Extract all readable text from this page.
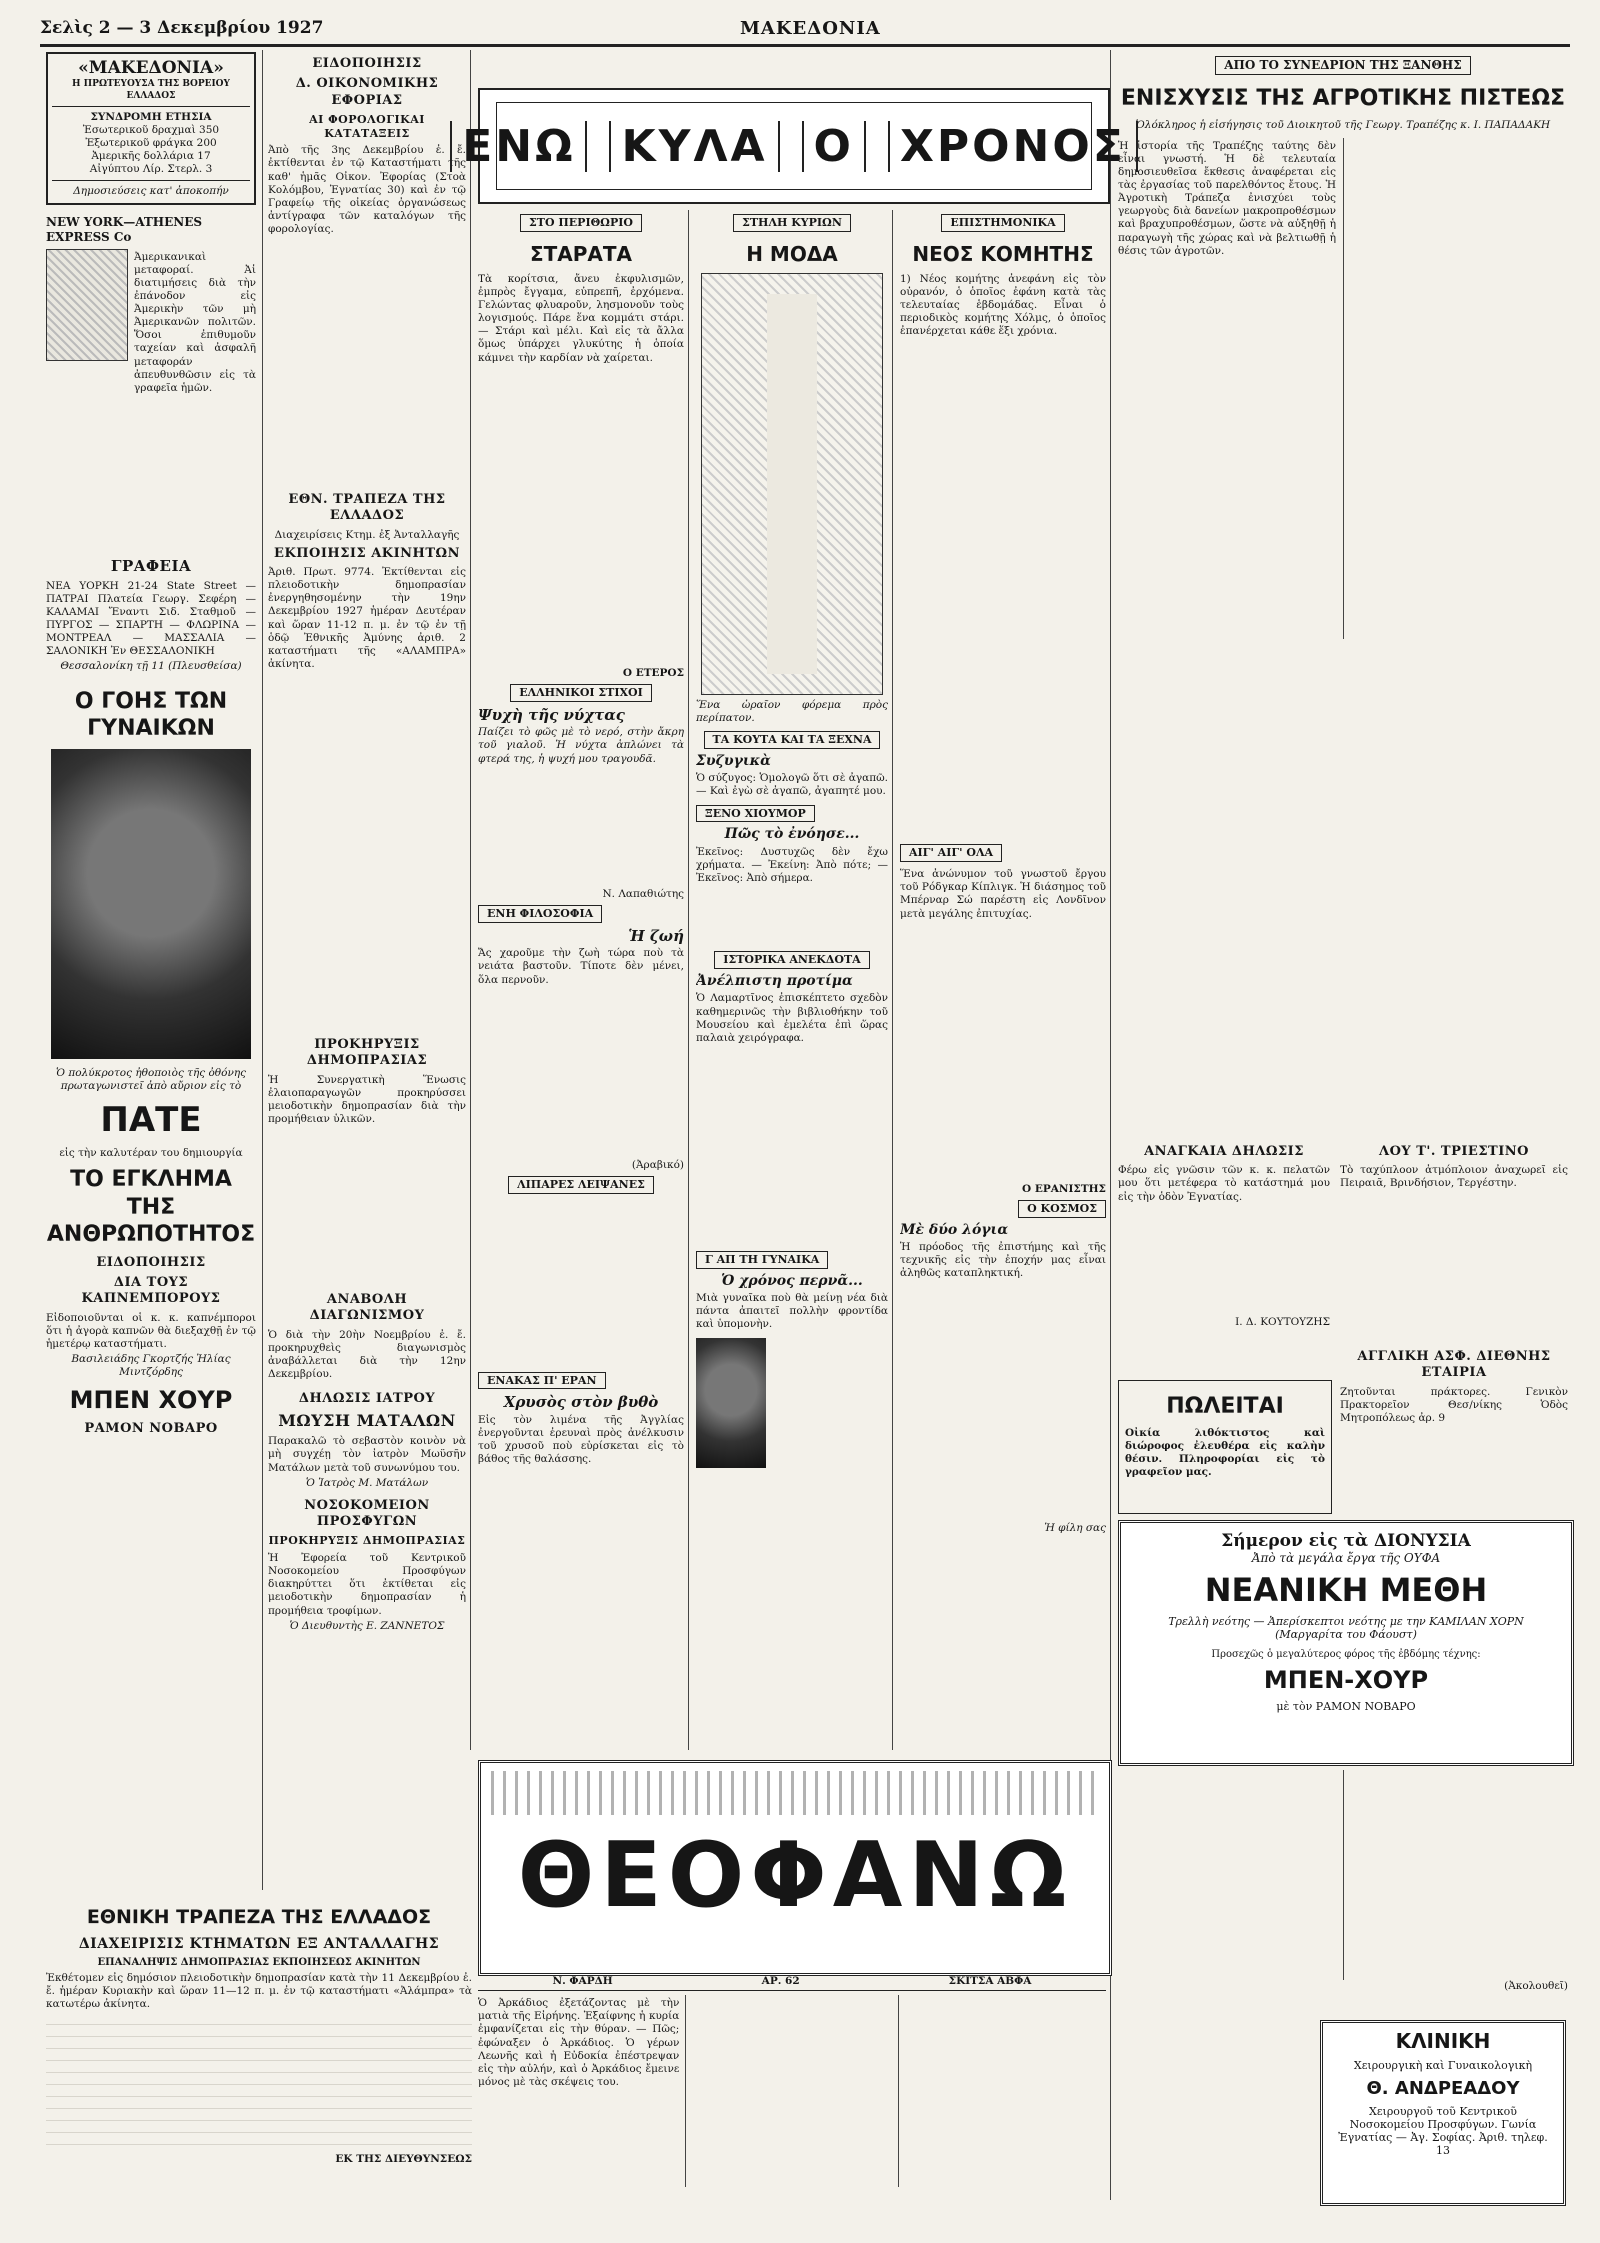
Σελὶς 2 — 3 Δεκεμβρίου 1927	ΜΑΚΕΔΟΝΙΑ
«ΜΑΚΕΔΟΝΙΑ»
Η ΠΡΩΤΕΥΟΥΣΑ ΤΗΣ ΒΟΡΕΙΟΥ ΕΛΛΑΔΟΣ
ΣΥΝΔΡΟΜΗ ΕΤΗΣΙΑ
Ἐσωτερικοῦ δραχμαὶ 350
Ἐξωτερικοῦ φράγκα 200
Ἀμερικῆς δολλάρια 17
Αἰγύπτου Λίρ. Στερλ. 3
Δημοσιεύσεις κατ' ἀποκοπήν
NEW YORK—ATHENES EXPRESS Co
Ἀμερικανικαὶ μεταφοραί. Ἀἱ διατιμήσεις διὰ τὴν ἐπάνοδον εἰς Ἀμερικὴν τῶν μὴ Ἀμερικανῶν πολιτῶν. Ὅσοι ἐπιθυμοῦν ταχείαν καὶ ἀσφαλῆ μεταφοράν ἀπευθυνθῶσιν εἰς τὰ γραφεῖα ἡμῶν.
ΓΡΑΦΕΙΑ
ΝΕΑ ΥΟΡΚΗ 21-24 State Street — ΠΑΤΡΑΙ Πλατεία Γεωργ. Σεφέρη — ΚΑΛΑΜΑΙ Ἔναντι Σιδ. Σταθμοῦ — ΠΥΡΓΟΣ — ΣΠΑΡΤΗ — ΦΛΩΡΙΝΑ — ΜΟΝΤΡΕΑΛ — ΜΑΣΣΑΛΙΑ — ΣΑΛΟΝΙΚΗ Ἐν ΘΕΣΣΑΛΟΝΙΚΗ
Θεσσαλονίκη τῇ 11 (Πλευσθείσα)
Ο ΓΟΗΣ ΤΩΝ ΓΥΝΑΙΚΩΝ
Ὁ πολύκροτος ἠθοποιὸς τῆς ὀθόνης πρωταγωνιστεῖ ἀπὸ αὔριον εἰς τὸ
ΠΑΤΕ
εἰς τὴν καλυτέραν του δημιουργία
ΤΟ ΕΓΚΛΗΜΑ ΤΗΣ ΑΝΘΡΩΠΟΤΗΤΟΣ
ΕΙΔΟΠΟΙΗΣΙΣ
ΔΙΑ ΤΟΥΣ ΚΑΠΝΕΜΠΟΡΟΥΣ
Εἰδοποιοῦνται οἱ κ. κ. καπνέμποροι ὅτι ἡ ἀγορὰ καπνῶν θὰ διεξαχθῇ ἐν τῷ ἡμετέρῳ καταστήματι.
Βασιλειάδης Γκορτζής Ἠλίας Μιντζόρδης
ΜΠΕΝ ΧΟΥΡ
ΡΑΜΟΝ ΝΟΒΑΡΟ
ΕΙΔΟΠΟΙΗΣΙΣ
Δ. ΟΙΚΟΝΟΜΙΚΗΣ ΕΦΟΡΙΑΣ
ΑΙ ΦΟΡΟΛΟΓΙΚΑΙ ΚΑΤΑΤΑΞΕΙΣ
Ἀπὸ τῆς 3ης Δεκεμβρίου ἐ. ἔ. ἐκτίθενται ἐν τῷ Καταστήματι τῆς καθ' ἡμᾶς Οἰκον. Ἐφορίας (Στοὰ Κολόμβου, Ἐγνατίας 30) καὶ ἐν τῷ Γραφείῳ τῆς οἰκείας ὀργανώσεως ἀντίγραφα τῶν καταλόγων τῆς φορολογίας.
ΕΘΝ. ΤΡΑΠΕΖΑ ΤΗΣ ΕΛΛΑΔΟΣ
Διαχειρίσεις Κτημ. ἐξ Ἀνταλλαγῆς
ΕΚΠΟΙΗΣΙΣ ΑΚΙΝΗΤΩΝ
Ἀριθ. Πρωτ. 9774. Ἐκτίθενται εἰς πλειοδοτικὴν δημοπρασίαν ἐνεργηθησομένην τὴν 19ην Δεκεμβρίου 1927 ἡμέραν Δευτέραν καὶ ὥραν 11-12 π. μ. ἐν τῷ ἐν τῇ ὁδῷ Ἐθνικῆς Ἀμύνης ἀριθ. 2 καταστήματι τῆς «ΑΛΑΜΠΡΑ» ἀκίνητα.
ΠΡΟΚΗΡΥΞΙΣ ΔΗΜΟΠΡΑΣΙΑΣ
Ἡ Συνεργατικὴ Ἕνωσις ἐλαιοπαραγωγῶν προκηρύσσει μειοδοτικὴν δημοπρασίαν διὰ τὴν προμήθειαν ὑλικῶν.
ΑΝΑΒΟΛΗ ΔΙΑΓΩΝΙΣΜΟΥ
Ὁ διὰ τὴν 20ὴν Νοεμβρίου ἐ. ἔ. προκηρυχθεὶς διαγωνισμὸς ἀναβάλλεται διὰ τὴν 12ην Δεκεμβρίου.
ΔΗΛΩΣΙΣ ΙΑΤΡΟΥ
ΜΩΥΣΗ ΜΑΤΑΛΩΝ
Παρακαλῶ τὸ σεβαστὸν κοινὸν νὰ μὴ συγχέῃ τὸν ἰατρὸν Μωϋσῆν Ματάλων μετὰ τοῦ συνωνύμου του.
Ὁ Ἰατρὸς Μ. Ματάλων
ΝΟΣΟΚΟΜΕΙΟΝ ΠΡΟΣΦΥΓΩΝ
ΠΡΟΚΗΡΥΞΙΣ ΔΗΜΟΠΡΑΣΙΑΣ
Ἡ Ἐφορεία τοῦ Κεντρικοῦ Νοσοκομείου Προσφύγων διακηρύττει ὅτι ἐκτίθεται εἰς μειοδοτικὴν δημοπρασίαν ἡ προμήθεια τροφίμων.
Ὁ Διευθυντὴς Ε. ΖΑΝΝΕΤΟΣ
ΕΝΩ ΚΥΛΑ Ο ΧΡΟΝΟΣ
ΣΤΟ ΠΕΡΙΘΩΡΙΟ
ΣΤΑΡΑΤΑ
Τὰ κορίτσια, ἄνευ ἐκφυλισμῶν, ἐμπρὸς ἔγγαμα, εὐπρεπῆ, ἐρχόμενα. Γελώντας φλυαροῦν, λησμονοῦν τοὺς λογισμούς. Πάρε ἕνα κομμάτι στάρι. — Στάρι καὶ μέλι. Καὶ εἰς τὰ ἄλλα ὅμως ὑπάρχει γλυκύτης ἡ ὁποία κάμνει τὴν καρδίαν νὰ χαίρεται.
Ο ΕΤΕΡΟΣ
ΕΛΛΗΝΙΚΟΙ ΣΤΙΧΟΙ
Ψυχὴ τῆς νύχτας
Παίζει τὸ φῶς μὲ τὸ νερό, στὴν ἄκρη τοῦ γιαλοῦ. Ἡ νύχτα ἁπλώνει τὰ φτερά της, ἡ ψυχή μου τραγουδᾶ.
Ν. Λαπαθιώτης
ΕΝΗ ΦΙΛΟΣΟΦΙΑ
Ἡ ζωή
Ἄς χαροῦμε τὴν ζωὴ τώρα ποὺ τὰ νειάτα βαστοῦν. Τίποτε δὲν μένει, ὅλα περνοῦν.
(Ἀραβικό)
ΛΙΠΑΡΕΣ ΛΕΙΨΑΝΕΣ
ΕΝΑΚΑΣ Π' ΕΡΑΝ
Χρυσὸς στὸν βυθὸ
Εἰς τὸν λιμένα τῆς Ἀγγλίας ἐνεργοῦνται ἐρευναὶ πρὸς ἀνέλκυσιν τοῦ χρυσοῦ ποὺ εὑρίσκεται εἰς τὸ βάθος τῆς θαλάσσης.
ΣΤΗΛΗ ΚΥΡΙΩΝ
Η ΜΟΔΑ
Ἕνα ὡραῖον φόρεμα πρὸς περίπατον.
ΤΑ ΚΟΥΤΑ ΚΑΙ ΤΑ ΞΕΧΝΑ
Συζυγικὰ
Ὁ σύζυγος: Ὁμολογῶ ὅτι σὲ ἀγαπῶ. — Καὶ ἐγὼ σὲ ἀγαπῶ, ἀγαπητέ μου.
ΞΕΝΟ ΧΙΟΥΜΟΡ
Πῶς τὸ ἐνόησε...
Ἐκεῖνος: Δυστυχῶς δὲν ἔχω χρήματα. — Ἐκείνη: Ἀπὸ πότε; — Ἐκεῖνος: Ἀπὸ σήμερα.
ΙΣΤΟΡΙΚΑ ΑΝΕΚΔΟΤΑ
Ἀνέλπιστη προτίμα
Ὁ Λαμαρτῖνος ἐπισκέπτετο σχεδὸν καθημερινῶς τὴν βιβλιοθήκην τοῦ Μουσείου καὶ ἐμελέτα ἐπὶ ὥρας παλαιὰ χειρόγραφα.
Γ ΑΠ ΤΗ ΓΥΝΑΙΚΑ
Ὁ χρόνος περνᾶ...
Μιὰ γυναῖκα ποὺ θὰ μείνῃ νέα διὰ πάντα ἀπαιτεῖ πολλὴν φροντίδα καὶ ὑπομονὴν.
ΕΠΙΣΤΗΜΟΝΙΚΑ
ΝΕΟΣ ΚΟΜΗΤΗΣ
1) Νέος κομήτης ἀνεφάνη εἰς τὸν οὐρανόν, ὁ ὁποῖος ἐφάνη κατὰ τὰς τελευταίας ἑβδομάδας. Εἶναι ὁ περιοδικὸς κομήτης Χόλμς, ὁ ὁποῖος ἐπανέρχεται κάθε ἕξι χρόνια.
ΑΙΓ' ΑΙΓ' ΟΛΑ
Ἕνα ἀνώνυμον τοῦ γνωστοῦ ἔργου τοῦ Ρόδγκαρ Κίπλιγκ. Ἡ διάσημος τοῦ Μπέρναρ Σώ παρέστη εἰς Λονδῖνον μετὰ μεγάλης ἐπιτυχίας.
Ο ΕΡΑΝΙΣΤΗΣ
Ο ΚΟΣΜΟΣ
Μὲ δύο λόγια
Ἡ πρόοδος τῆς ἐπιστήμης καὶ τῆς τεχνικῆς εἰς τὴν ἐποχήν μας εἶναι ἀληθῶς καταπληκτική.
Ἡ φίλη σας
ΑΠΟ ΤΟ ΣΥΝΕΔΡΙΟΝ ΤΗΣ ΞΑΝΘΗΣ
ΕΝΙΣΧΥΣΙΣ ΤΗΣ ΑΓΡΟΤΙΚΗΣ ΠΙΣΤΕΩΣ
Ὁλόκληρος ἡ εἰσήγησις τοῦ Διοικητοῦ τῆς Γεωργ. Τραπέζης κ. Ι. ΠΑΠΑΔΑΚΗ
Ἡ ἱστορία τῆς Τραπέζης ταύτης δὲν εἶναι γνωστή. Ἡ δὲ τελευταία δημοσιευθεῖσα ἔκθεσις ἀναφέρεται εἰς τὰς ἐργασίας τοῦ παρελθόντος ἔτους. Ἡ Ἀγροτικὴ Τράπεζα ἐνισχύει τοὺς γεωργοὺς διὰ δανείων μακροπροθέσμων καὶ βραχυπροθέσμων, ὥστε νὰ αὐξηθῇ ἡ παραγωγὴ τῆς χώρας καὶ νὰ βελτιωθῇ ἡ θέσις τῶν ἀγροτῶν.
ΑΝΑΓΚΑΙΑ ΔΗΛΩΣΙΣ
Φέρω εἰς γνῶσιν τῶν κ. κ. πελατῶν μου ὅτι μετέφερα τὸ κατάστημά μου εἰς τὴν ὁδὸν Ἐγνατίας.
Ι. Δ. ΚΟΥΤΟΥΖΗΣ
ΛΟΥ Τ'. ΤΡΙΕΣΤΙΝΟ
Τὸ ταχύπλοον ἀτμόπλοιον ἀναχωρεῖ εἰς Πειραιᾶ, Βρινδήσιον, Τεργέστην.
ΠΩΛΕΙΤΑΙ
Οἰκία λιθόκτιστος καὶ διώροφος ἐλευθέρα εἰς καλὴν θέσιν. Πληροφορίαι εἰς τὸ γραφεῖον μας.
ΑΓΓΛΙΚΗ ΑΣΦ. ΔΙΕΘΝΗΣ ΕΤΑΙΡΙΑ
Ζητοῦνται πράκτορες. Γενικὸν Πρακτορεῖον Θεσ/νίκης Ὁδὸς Μητροπόλεως ἀρ. 9
Σήμερον εἰς τὰ ΔΙΟΝΥΣΙΑ
Ἀπὸ τὰ μεγάλα ἔργα τῆς ΟΥΦΑ
ΝΕΑΝΙΚΗ ΜΕΘΗ
Τρελλὴ νεότης — Ἀπερίσκεπτοι νεότης με την ΚΑΜΙΛΑΝ ΧΟΡΝ (Μαργαρίτα του Φάουστ)
Προσεχῶς ὁ μεγαλύτερος φόρος τῆς ἐβδόμης τέχνης:
ΜΠΕΝ-ΧΟΥΡ
μὲ τὸν ΡΑΜΟΝ ΝΟΒΑΡΟ
ΕΘΝΙΚΗ ΤΡΑΠΕΖΑ ΤΗΣ ΕΛΛΑΔΟΣ
ΔΙΑΧΕΙΡΙΣΙΣ ΚΤΗΜΑΤΩΝ ΕΞ ΑΝΤΑΛΛΑΓΗΣ
ΕΠΑΝΑΛΗΨΙΣ ΔΗΜΟΠΡΑΣΙΑΣ ΕΚΠΟΙΗΣΕΩΣ ΑΚΙΝΗΤΩΝ
Ἐκθέτομεν εἰς δημόσιον πλειοδοτικὴν δημοπρασίαν κατὰ τὴν 11 Δεκεμβρίου ἐ. ἔ. ἡμέραν Κυριακὴν καὶ ὥραν 11—12 π. μ. ἐν τῷ καταστήματι «Ἀλάμπρα» τὰ κατωτέρω ἀκίνητα.
ΕΚ ΤΗΣ ΔΙΕΥΘΥΝΣΕΩΣ
ΘΕΟΦΑΝΩ
Ν. ΦΑΡΔΗ	ΑΡ. 62	ΣΚΙΤΣΑ ΑΒΦΑ
Ὁ Ἀρκάδιος ἐξετάζοντας μὲ τὴν ματιὰ τῆς Εἰρήνης. Ἐξαίφνης ἡ κυρία ἐμφανίζεται εἰς τὴν θύραν. — Πῶς; ἐφώναξεν ὁ Ἀρκάδιος. Ὁ γέρων Λεωνῆς καὶ ἡ Εὐδοκία ἐπέστρεψαν εἰς τὴν αὐλήν, καὶ ὁ Ἀρκάδιος ἔμεινε μόνος μὲ τὰς σκέψεις του.
(Ἀκολουθεῖ)
ΚΛΙΝΙΚΗ
Χειρουργικὴ καὶ Γυναικολογικὴ
Θ. ΑΝΔΡΕΑΔΟΥ
Χειρουργοῦ τοῦ Κεντρικοῦ Νοσοκομείου Προσφύγων. Γωνία Ἐγνατίας — Ἀγ. Σοφίας. Ἀριθ. τηλεφ. 13
